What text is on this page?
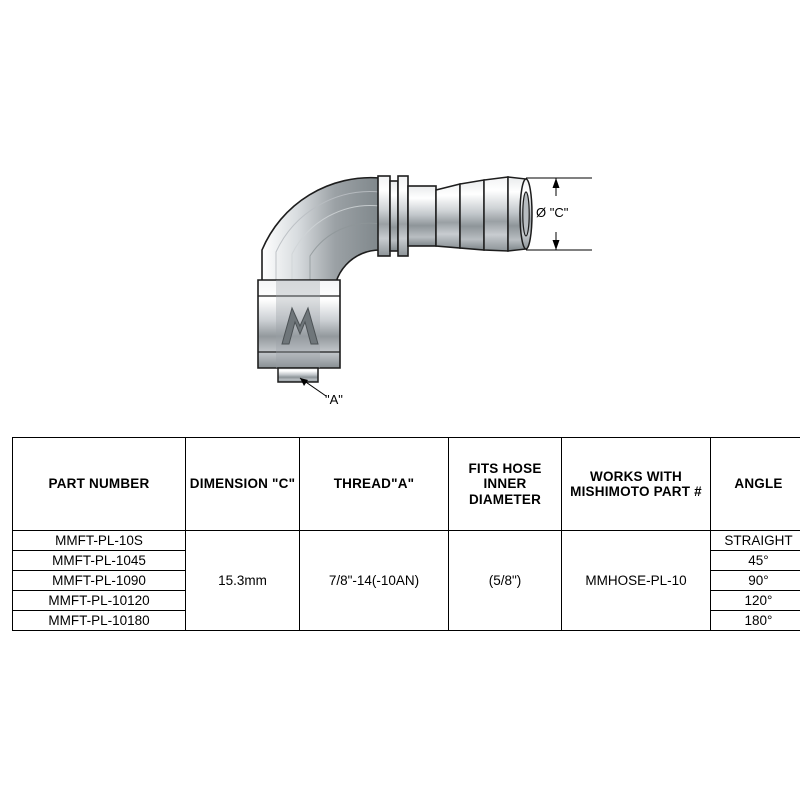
Ø "C"
"A"
PART NUMBER	DIMENSION "C"	THREAD"A"	FITS HOSE INNER DIAMETER	WORKS WITH MISHIMOTO PART #	ANGLE
MMFT-PL-10S	15.3mm	7/8"-14(-10AN)	(5/8")	MMHOSE-PL-10	STRAIGHT
MMFT-PL-1045					45°
MMFT-PL-1090					90°
MMFT-PL-10120					120°
MMFT-PL-10180					180°
